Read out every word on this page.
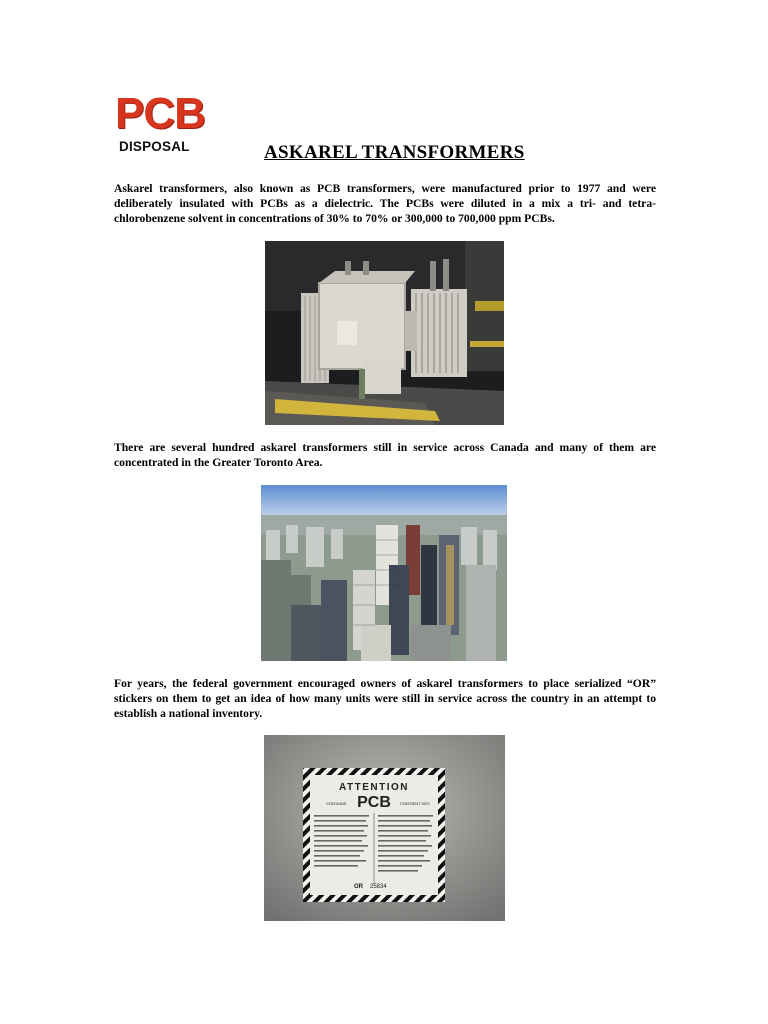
PCB
DISPOSAL	ASKAREL TRANSFORMERS

Askarel transformers, also known as PCB transformers, were manufactured prior to 1977 and were deliberately insulated with PCBs as a dielectric. The PCBs were diluted in a mix a tri- and tetra-chlorobenzene solvent in concentrations of 30% to 70% or 300,000 to 700,000 ppm PCBs.

There are several hundred askarel transformers still in service across Canada and many of them are concentrated in the Greater Toronto Area.

For years, the federal government encouraged owners of askarel transformers to place serialized “OR” stickers on them to get an idea of how many units were still in service across the country in an attempt to establish a national inventory.

ATTENTION
CONTAINS PCB CONTIENT DES
OR 25834
